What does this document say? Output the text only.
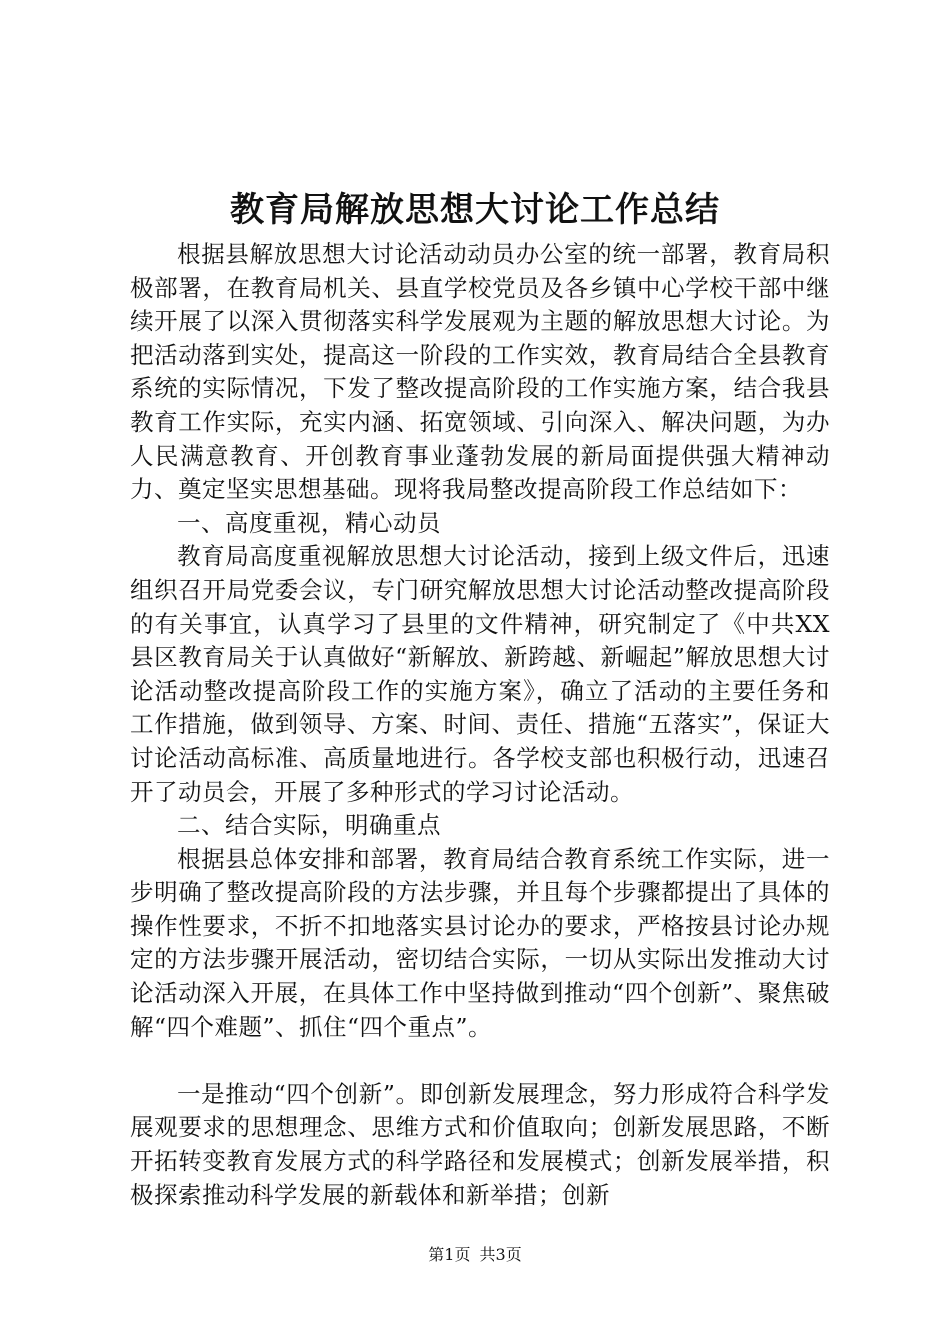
教育局解放思想大讨论工作总结

根据县解放思想大讨论活动动员办公室的统一部署，教育局积极部署，在教育局机关、县直学校党员及各乡镇中心学校干部中继续开展了以深入贯彻落实科学发展观为主题的解放思想大讨论。为把活动落到实处，提高这一阶段的工作实效，教育局结合全县教育系统的实际情况，下发了整改提高阶段的工作实施方案，结合我县教育工作实际，充实内涵、拓宽领域、引向深入、解决问题，为办人民满意教育、开创教育事业蓬勃发展的新局面提供强大精神动力、奠定坚实思想基础。现将我局整改提高阶段工作总结如下：

一、高度重视，精心动员

教育局高度重视解放思想大讨论活动，接到上级文件后，迅速组织召开局党委会议，专门研究解放思想大讨论活动整改提高阶段的有关事宜，认真学习了县里的文件精神，研究制定了《中共XX县区教育局关于认真做好“新解放、新跨越、新崛起”解放思想大讨论活动整改提高阶段工作的实施方案》，确立了活动的主要任务和工作措施，做到领导、方案、时间、责任、措施“五落实”，保证大讨论活动高标准、高质量地进行。各学校支部也积极行动，迅速召开了动员会，开展了多种形式的学习讨论活动。

二、结合实际，明确重点

根据县总体安排和部署，教育局结合教育系统工作实际，进一步明确了整改提高阶段的方法步骤，并且每个步骤都提出了具体的操作性要求，不折不扣地落实县讨论办的要求，严格按县讨论办规定的方法步骤开展活动，密切结合实际，一切从实际出发推动大讨论活动深入开展，在具体工作中坚持做到推动“四个创新”、聚焦破解“四个难题”、抓住“四个重点”。

一是推动“四个创新”。即创新发展理念，努力形成符合科学发展观要求的思想理念、思维方式和价值取向；创新发展思路，不断开拓转变教育发展方式的科学路径和发展模式；创新发展举措，积极探索推动科学发展的新载体和新举措；创新

第1页 共3页
